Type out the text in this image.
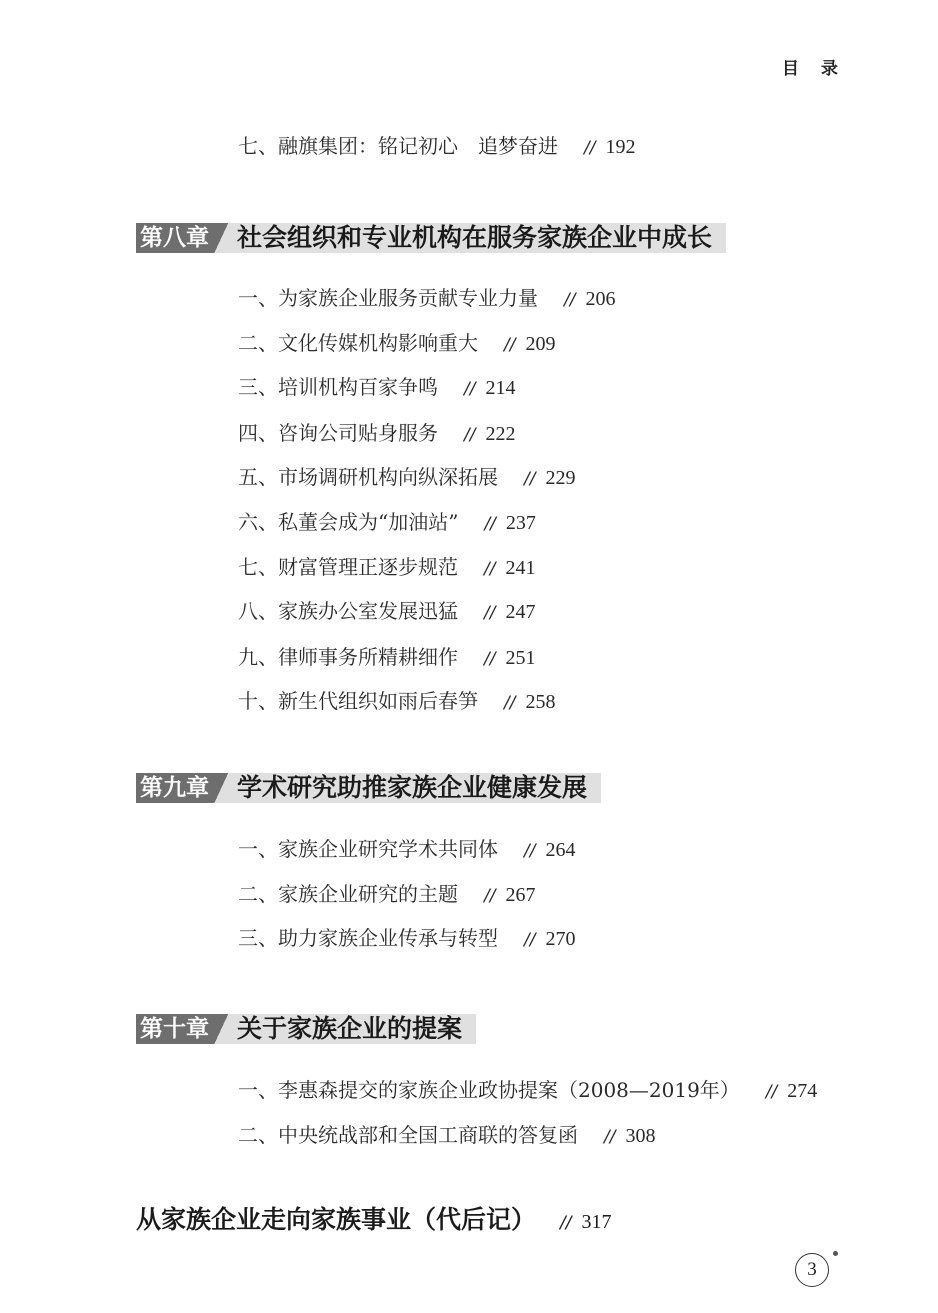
目 录
七、融旗集团：铭记初心　追梦奋进 // 192
第八章 社会组织和专业机构在服务家族企业中成长
一、为家族企业服务贡献专业力量 // 206
二、文化传媒机构影响重大 // 209
三、培训机构百家争鸣 // 214
四、咨询公司贴身服务 // 222
五、市场调研机构向纵深拓展 // 229
六、私董会成为“加油站” // 237
七、财富管理正逐步规范 // 241
八、家族办公室发展迅猛 // 247
九、律师事务所精耕细作 // 251
十、新生代组织如雨后春笋 // 258
第九章 学术研究助推家族企业健康发展
一、家族企业研究学术共同体 // 264
二、家族企业研究的主题 // 267
三、助力家族企业传承与转型 // 270
第十章 关于家族企业的提案
一、李惠森提交的家族企业政协提案（2008—2019年） // 274
二、中央统战部和全国工商联的答复函 // 308
从家族企业走向家族事业（代后记） // 317
3
